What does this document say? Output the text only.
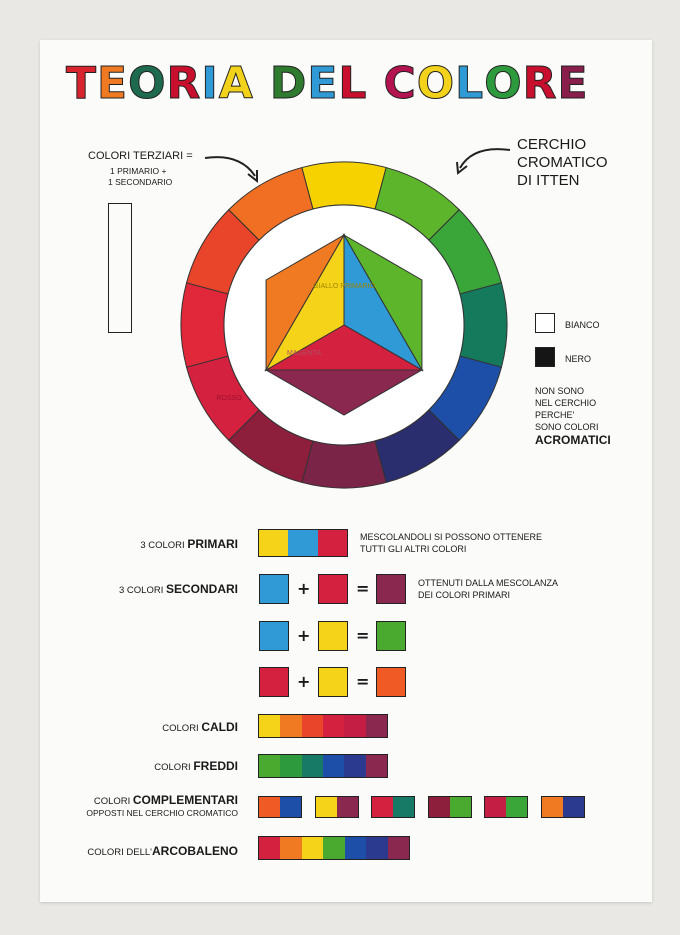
TEORIA DEL COLORE
COLORI TERZIARI =
1 PRIMARIO +
1 SECONDARIO
CERCHIO
CROMATICO
DI ITTEN
GIALLO PRIMARIO
MAGENTA
ROSSO
BIANCO
NERO
NON SONO
NEL CERCHIO
PERCHE'
SONO COLORI
ACROMATICI
3 COLORI PRIMARI	MESCOLANDOLI SI POSSONO OTTENERE
TUTTI GLI ALTRI COLORI
3 COLORI SECONDARI	OTTENUTI DALLA MESCOLANZA
DEI COLORI PRIMARI
+	=
+	=
+	=
COLORI CALDI
COLORI FREDDI
COLORI COMPLEMENTARI
OPPOSTI NEL CERCHIO CROMATICO
COLORI DELL'ARCOBALENO
